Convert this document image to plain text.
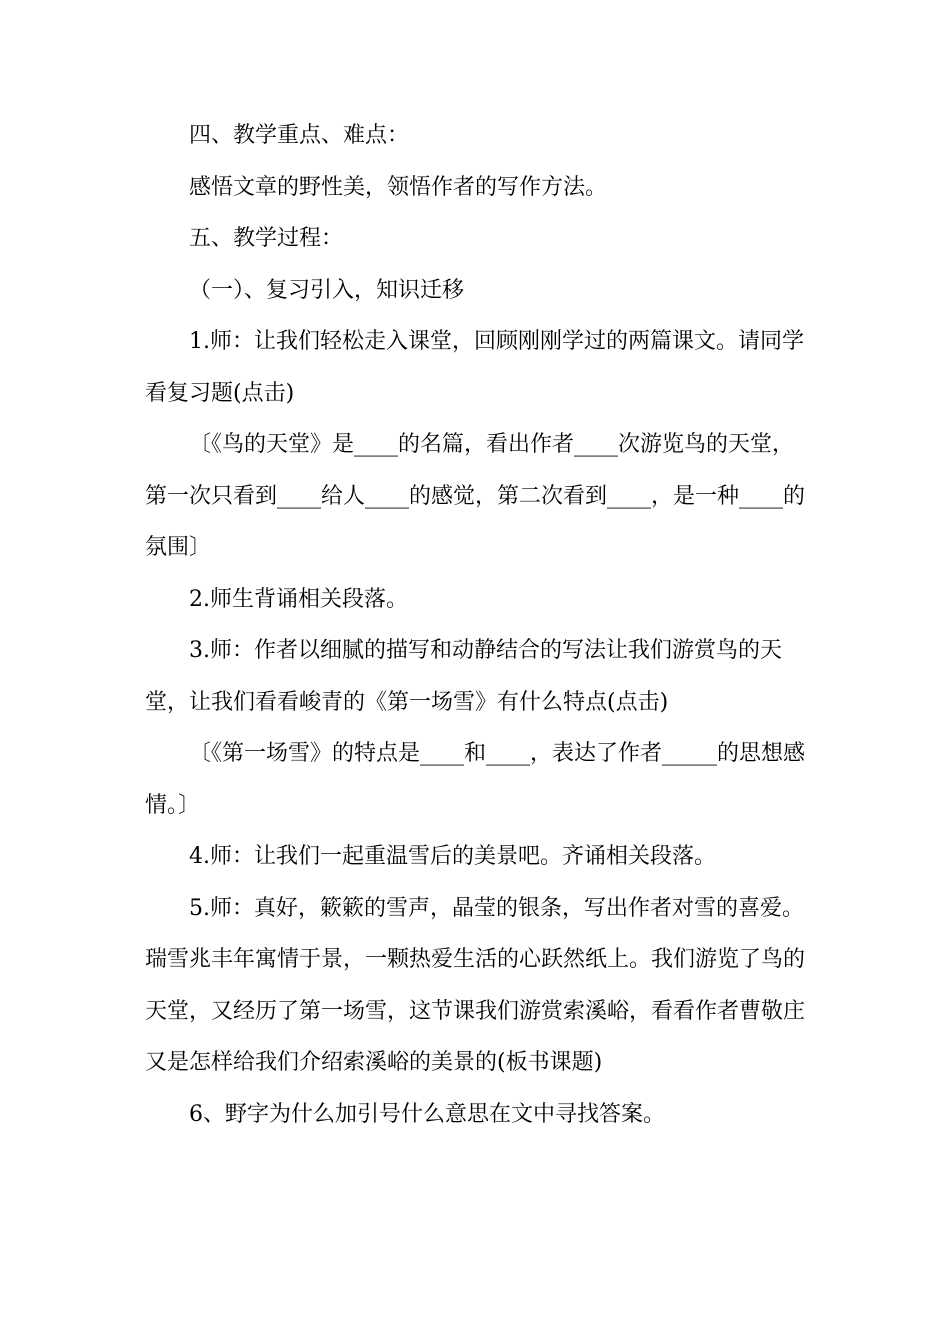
四、教学重点、难点：

感悟文章的野性美，领悟作者的写作方法。

五、教学过程：

（一）、复习引入，知识迁移

1.师：让我们轻松走入课堂，回顾刚刚学过的两篇课文。请同学看复习题(点击)

〔《鸟的天堂》是____的名篇，看出作者____次游览鸟的天堂，第一次只看到____给人____的感觉，第二次看到____，是一种____的氛围〕

2.师生背诵相关段落。

3.师：作者以细腻的描写和动静结合的写法让我们游赏鸟的天堂，让我们看看峻青的《第一场雪》有什么特点(点击)

〔《第一场雪》的特点是____和____，表达了作者_____的思想感情。〕

4.师：让我们一起重温雪后的美景吧。齐诵相关段落。

5.师：真好，簌簌的雪声，晶莹的银条，写出作者对雪的喜爱。瑞雪兆丰年寓情于景，一颗热爱生活的心跃然纸上。我们游览了鸟的天堂，又经历了第一场雪，这节课我们游赏索溪峪，看看作者曹敬庄又是怎样给我们介绍索溪峪的美景的(板书课题)

6、野字为什么加引号什么意思在文中寻找答案。
